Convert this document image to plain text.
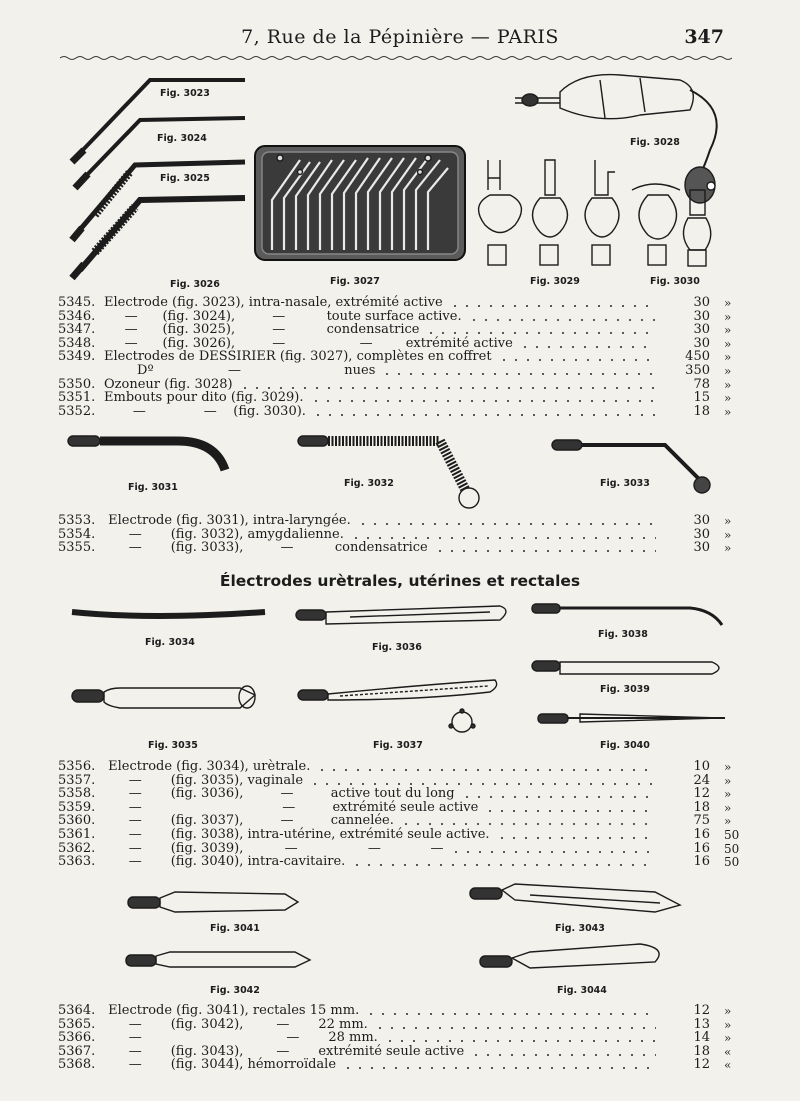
7, Rue de la Pépinière — PARIS	347
Fig. 3023
Fig. 3024
Fig. 3025
Fig. 3026	Fig. 3027
Fig. 3028
Fig. 3029	Fig. 3030
Fig. 3031	Fig. 3032	Fig. 3033
Fig. 3034	Fig. 3036
Fig. 3038
Fig. 3039
Fig. 3035	Fig. 3037	Fig. 3040
Fig. 3041	Fig. 3043
Fig. 3042	Fig. 3044
Électrodes urètrales, utérines et rectales
5345. Electrode (fig. 3023), intra-nasale, extrémité active	30 »
5346. —      (fig. 3024),         —          toute surface active.	30 »
5347. —      (fig. 3025),         —          condensatrice	30 »
5348. —      (fig. 3026),         —                  —        extrémité active	30 »
5349. Electrodes de DESSIRIER (fig. 3027), complètes en coffret	450 »
Dº                  —                         nues	350 »
5350. Ozoneur (fig. 3028)	78 »
5351. Embouts pour dito (fig. 3029).	15 »
5352. —              —    (fig. 3030).	18 »
5353. Electrode (fig. 3031), intra-laryngée.	30 »
5354. —       (fig. 3032), amygdalienne.	30 »
5355. —       (fig. 3033),         —          condensatrice	30 »
5356. Electrode (fig. 3034), urètrale.	10 »
5357. —       (fig. 3035), vaginale	24 »
5358. —       (fig. 3036),         —         active tout du long	12 »
5359. —                                  —         extrémité seule active	18 »
5360. —       (fig. 3037),         —         cannelée.	75 »
5361. —       (fig. 3038), intra-utérine, extrémité seule active.	16 50
5362. —       (fig. 3039),          —                 —            —	16 50
5363. —       (fig. 3040), intra-cavitaire.	16 50
5364. Electrode (fig. 3041), rectales 15 mm.	12 »
5365. —       (fig. 3042),        —       22 mm.	13 »
5366. —                                   —       28 mm.	14 »
5367. —       (fig. 3043),        —       extrémité seule active	18 «
5368. —       (fig. 3044), hémorroïdale	12 «
